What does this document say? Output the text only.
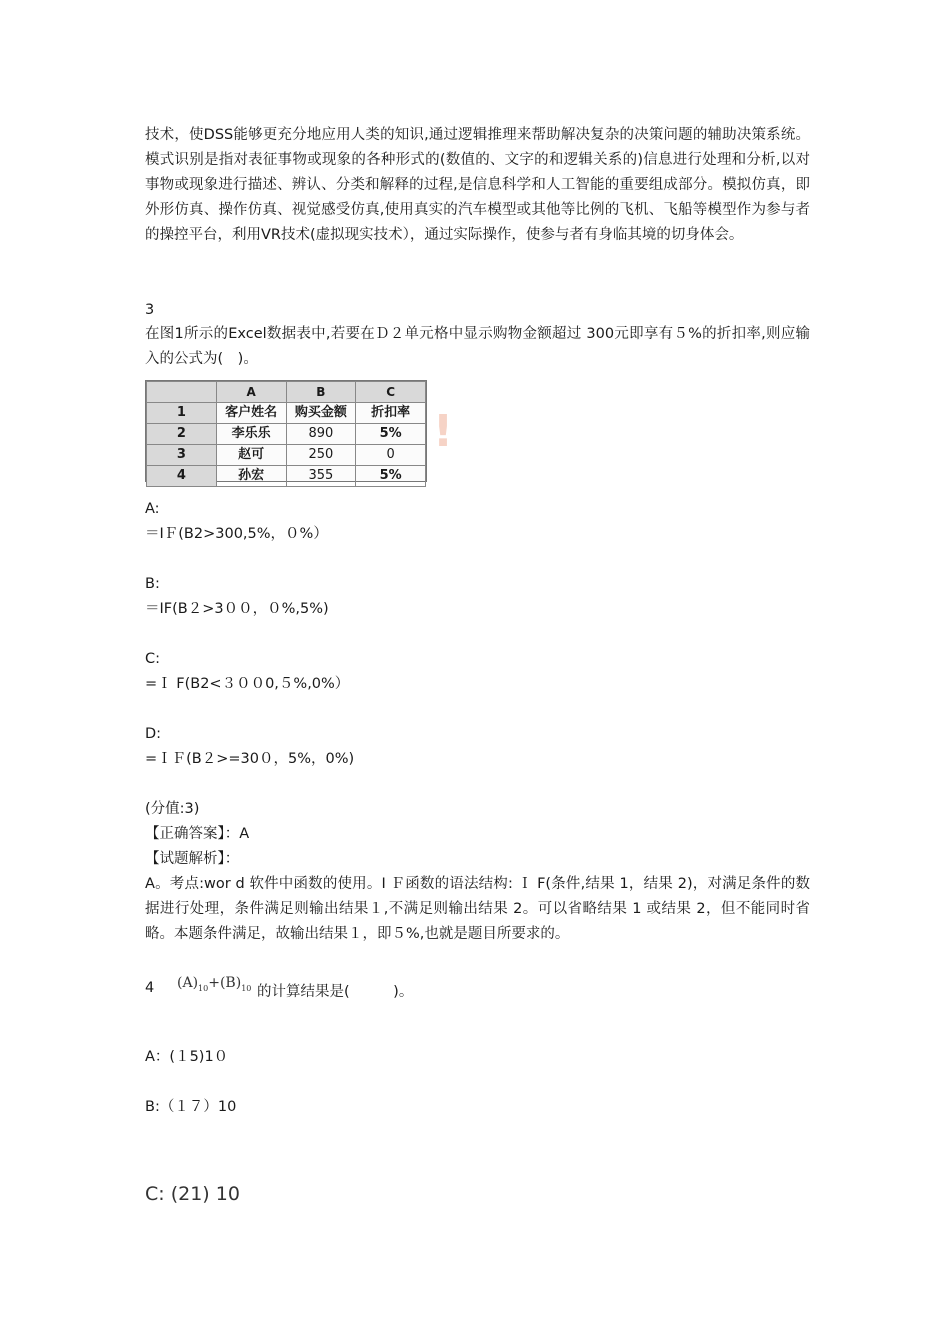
技术，使DSS能够更充分地应用人类的知识,通过逻辑推理来帮助解决复杂的决策问题的辅助决策系统。模式识别是指对表征事物或现象的各种形式的(数值的、文字的和逻辑关系的)信息进行处理和分析,以对事物或现象进行描述、辨认、分类和解释的过程,是信息科学和人工智能的重要组成部分。模拟仿真，即外形仿真、操作仿真、视觉感受仿真,使用真实的汽车模型或其他等比例的飞机、飞船等模型作为参与者的操控平台，利用VR技术(虚拟现实技术），通过实际操作，使参与者有身临其境的切身体会。
3
在图1所示的Excel数据表中,若要在Ｄ２单元格中显示购物金额超过 300元即享有５%的折扣率,则应输入的公式为(　)。
	A	B	C
1	客户姓名	购买金额	折扣率
2	李乐乐	890	5%
3	赵可	250	0
4	孙宏	355	5%
!
A:
＝IＦ(B2>300,5%，０%）
B:
＝IF(B２>3００，０%,5%)
C:
=Ｉ F(B2<３００0,５%,0%）
D:
=ＩＦ(B２>=30０，5%，0%)
(分值:3)
【正确答案】：A
【试题解析】：
A。考点:wor d 软件中函数的使用。I Ｆ函数的语法结构: Ｉ F(条件,结果 1，结果 2)，对满足条件的数据进行处理，条件满足则输出结果１,不满足则输出结果 2。可以省略结果 1 或结果 2，但不能同时省略。本题条件满足，故输出结果１，即５%,也就是题目所要求的。
4 $(A)_{10}+(B)_{10}$ 的计算结果是(　　　)。
A：(１5)1０
B:（１７）10
C: (21) 10
